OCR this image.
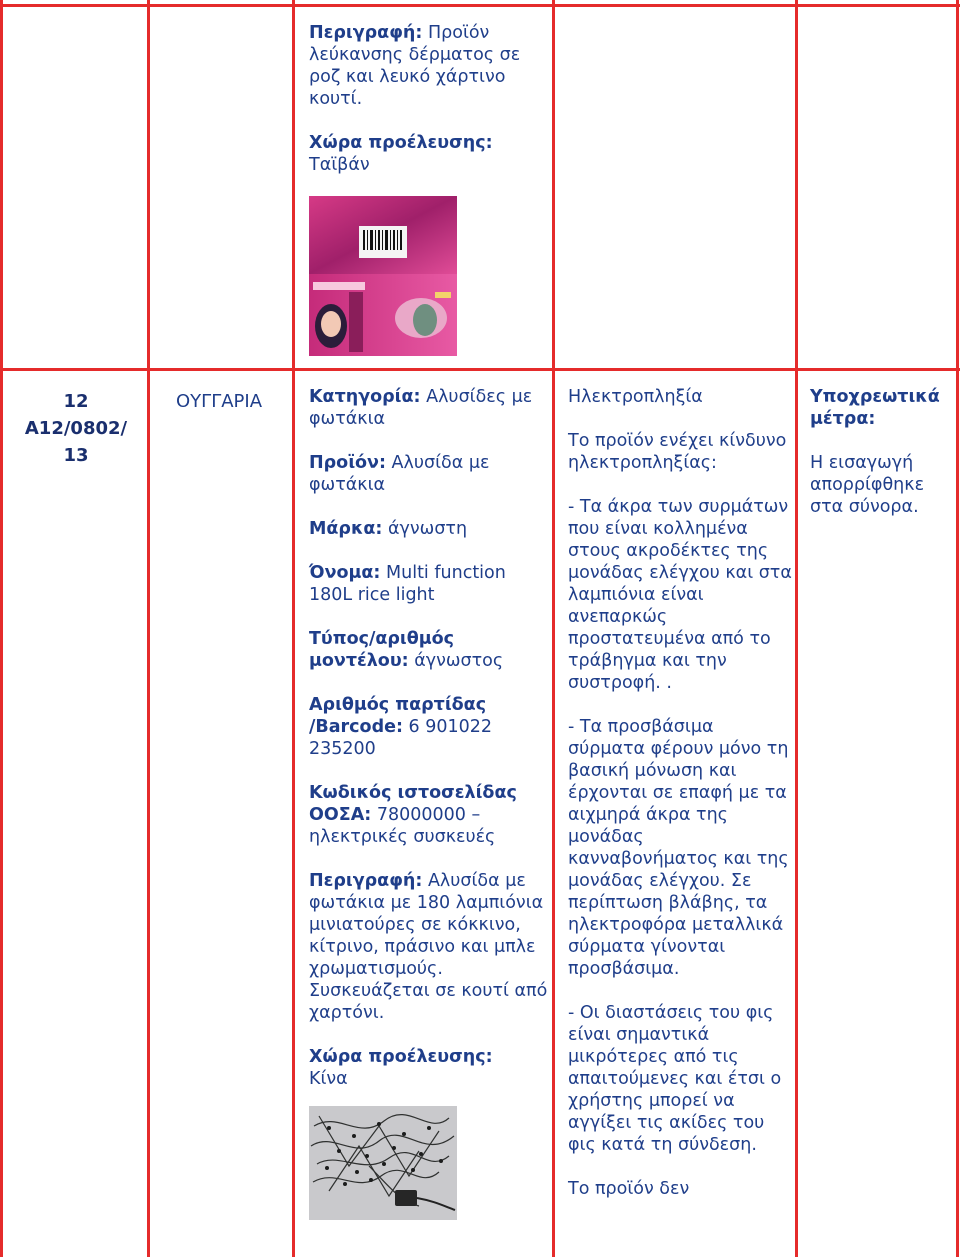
Περιγραφή: Προϊόν λεύκανσης δέρματος σε ροζ και λευκό χάρτινο κουτί.

Χώρα προέλευσης:
Ταϊβάν

12
A12/0802/
13
ΟΥΓΓΑΡΙΑ	Κατηγορία: Αλυσίδες με φωτάκια

Προϊόν: Αλυσίδα με φωτάκια

Μάρκα: άγνωστη

Όνομα: Multi function 180L rice light

Τύπος/αριθμός μοντέλου: άγνωστος

Αριθμός παρτίδας /Barcode: 6 901022 235200

Κωδικός ιστοσελίδας ΟΟΣΑ: 78000000 – ηλεκτρικές συσκευές

Περιγραφή: Αλυσίδα με φωτάκια με 180 λαμπιόνια μινιατούρες σε κόκκινο, κίτρινο, πράσινο και μπλε χρωματισμούς. Συσκευάζεται σε κουτί από χαρτόνι.

Χώρα προέλευσης:
Κίνα

Ηλεκτροπληξία

Το προϊόν ενέχει κίνδυνο ηλεκτροπληξίας:

- Τα άκρα των συρμάτων που είναι κολλημένα στους ακροδέκτες της μονάδας ελέγχου και στα λαμπιόνια είναι ανεπαρκώς προστατευμένα από το τράβηγμα και την συστροφή. .

- Τα προσβάσιμα σύρματα φέρουν μόνο τη βασική μόνωση και έρχονται σε επαφή με τα αιχμηρά άκρα της μονάδας κανναβονήματος και της μονάδας ελέγχου. Σε περίπτωση βλάβης, τα ηλεκτροφόρα μεταλλικά σύρματα γίνονται προσβάσιμα.

- Οι διαστάσεις του φις είναι σημαντικά μικρότερες από τις απαιτούμενες και έτσι ο χρήστης μπορεί να αγγίξει τις ακίδες του φις κατά τη σύνδεση.

Το προϊόν δεν

Υποχρεωτικά μέτρα:

Η εισαγωγή απορρίφθηκε στα σύνορα.
